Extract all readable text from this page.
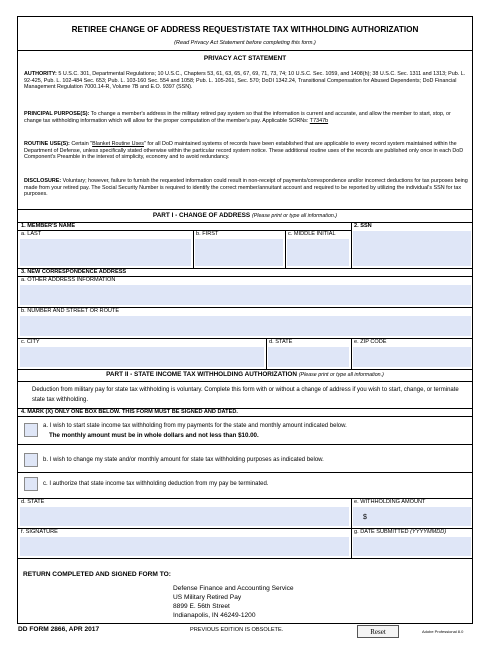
RETIREE CHANGE OF ADDRESS REQUEST/STATE TAX WITHHOLDING AUTHORIZATION
(Read Privacy Act Statement before completing this form.)
PRIVACY ACT STATEMENT
AUTHORITY: 5 U.S.C. 301, Departmental Regulations; 10 U.S.C., Chapters 53, 61, 63, 65, 67, 69, 71, 73, 74; 10 U.S.C. Sec. 1059, and 1408(h); 38 U.S.C. Sec. 1311 and 1313; Pub. L. 92-425, Pub. L. 102-484 Sec. 653; Pub. L. 103-160 Sec. 554 and 1058; Pub. L. 105-261, Sec. 570; DoDI 1342.24, Transitional Compensation for Abused Dependents; DoD Financial Management Regulation 7000.14-R, Volume 7B and E.O. 9397 (SSN).
PRINCIPAL PURPOSE(S): To change a member's address in the military retired pay system so that the information is current and accurate, and allow the member to start, stop, or change tax withholding information which will allow for the proper computation of the member's pay. Applicable SORNs: T7347b
ROUTINE USE(S): Certain "Blanket Routine Uses" for all DoD maintained systems of records have been established that are applicable to every record system maintained within the Department of Defense, unless specifically stated otherwise within the particular record system notice. These additional routine uses of the records are published only once in each DoD Component's Preamble in the interest of simplicity, economy and to avoid redundancy.
DISCLOSURE: Voluntary; however, failure to furnish the requested information could result in non-receipt of payments/correspondence and/or incorrect deductions for tax purposes being made from your retired pay. The Social Security Number is required to identify the correct member/annuitant account and required to be reported by utilizing the individual's SSN for tax purposes.
PART I - CHANGE OF ADDRESS (Please print or type all information.)
1. MEMBER'S NAME	2. SSN
a. LAST	b. FIRST	c. MIDDLE INITIAL
3. NEW CORRESPONDENCE ADDRESS
a. OTHER ADDRESS INFORMATION
b. NUMBER AND STREET OR ROUTE
c. CITY	d. STATE	e. ZIP CODE
PART II - STATE INCOME TAX WITHHOLDING AUTHORIZATION (Please print or type all information.)
Deduction from military pay for state tax withholding is voluntary. Complete this form with or without a change of address if you wish to start, change, or terminate state tax withholding.
4. MARK (X) ONLY ONE BOX BELOW. THIS FORM MUST BE SIGNED AND DATED.
a. I wish to start state income tax withholding from my payments for the state and monthly amount indicated below.
The monthly amount must be in whole dollars and not less than $10.00.
b. I wish to change my state and/or monthly amount for state tax withholding purposes as indicated below.
c. I authorize that state income tax withholding deduction from my pay be terminated.
d. STATE	e. WITHHOLDING AMOUNT
$
f. SIGNATURE	g. DATE SUBMITTED (YYYYMMDD)
RETURN COMPLETED AND SIGNED FORM TO:
Defense Finance and Accounting Service
US Military Retired Pay
8899 E. 56th Street
Indianapolis, IN 46249-1200
DD FORM 2866, APR 2017	PREVIOUS EDITION IS OBSOLETE.	Reset	Adobe Professional 8.0
